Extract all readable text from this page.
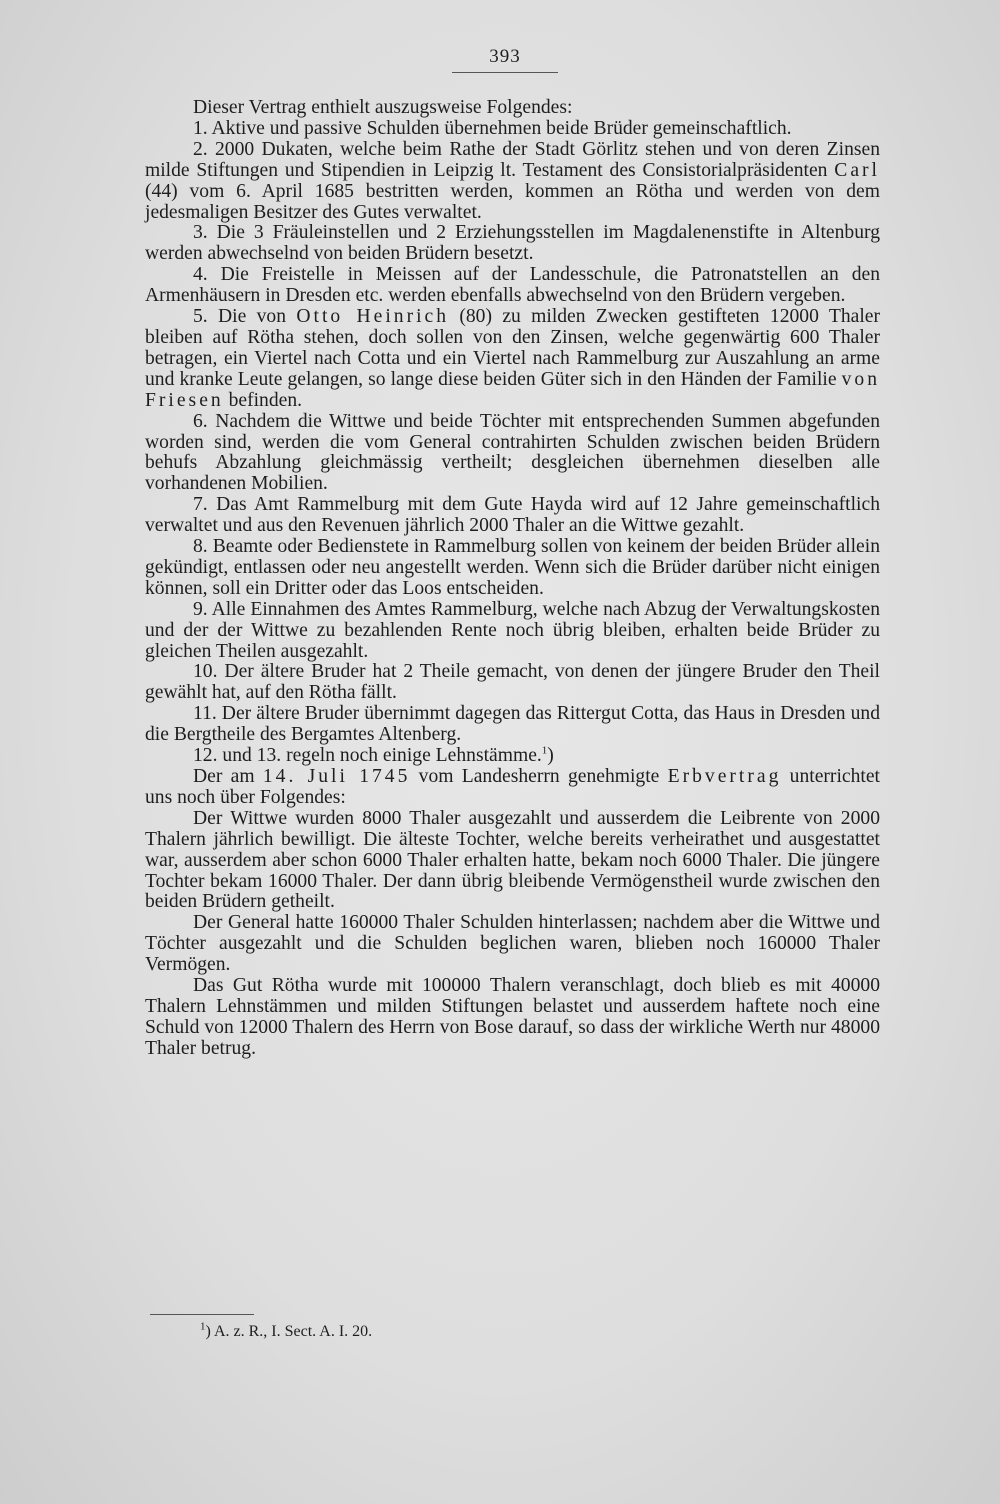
393

Dieser Vertrag enthielt auszugsweise Folgendes:

1. Aktive und passive Schulden übernehmen beide Brüder gemeinschaftlich.

2. 2000 Dukaten, welche beim Rathe der Stadt Görlitz stehen und von deren Zinsen milde Stiftungen und Stipendien in Leipzig lt. Testament des Consistorialpräsidenten Carl (44) vom 6. April 1685 bestritten werden, kommen an Rötha und werden von dem jedesmaligen Besitzer des Gutes verwaltet.

3. Die 3 Fräuleinstellen und 2 Erziehungsstellen im Magdalenenstifte in Altenburg werden abwechselnd von beiden Brüdern besetzt.

4. Die Freistelle in Meissen auf der Landesschule, die Patronatstellen an den Armenhäusern in Dresden etc. werden ebenfalls abwechselnd von den Brüdern vergeben.

5. Die von Otto Heinrich (80) zu milden Zwecken gestifteten 12000 Thaler bleiben auf Rötha stehen, doch sollen von den Zinsen, welche gegenwärtig 600 Thaler betragen, ein Viertel nach Cotta und ein Viertel nach Rammelburg zur Auszahlung an arme und kranke Leute gelangen, so lange diese beiden Güter sich in den Händen der Familie von Friesen befinden.

6. Nachdem die Wittwe und beide Töchter mit entsprechenden Summen abgefunden worden sind, werden die vom General contrahirten Schulden zwischen beiden Brüdern behufs Abzahlung gleichmässig vertheilt; desgleichen übernehmen dieselben alle vorhandenen Mobilien.

7. Das Amt Rammelburg mit dem Gute Hayda wird auf 12 Jahre gemeinschaftlich verwaltet und aus den Revenuen jährlich 2000 Thaler an die Wittwe gezahlt.

8. Beamte oder Bedienstete in Rammelburg sollen von keinem der beiden Brüder allein gekündigt, entlassen oder neu angestellt werden. Wenn sich die Brüder darüber nicht einigen können, soll ein Dritter oder das Loos entscheiden.

9. Alle Einnahmen des Amtes Rammelburg, welche nach Abzug der Verwaltungskosten und der der Wittwe zu bezahlenden Rente noch übrig bleiben, erhalten beide Brüder zu gleichen Theilen ausgezahlt.

10. Der ältere Bruder hat 2 Theile gemacht, von denen der jüngere Bruder den Theil gewählt hat, auf den Rötha fällt.

11. Der ältere Bruder übernimmt dagegen das Rittergut Cotta, das Haus in Dresden und die Bergtheile des Bergamtes Altenberg.

12. und 13. regeln noch einige Lehnstämme.$^1$)

Der am 14. Juli 1745 vom Landesherrn genehmigte Erbvertrag unterrichtet uns noch über Folgendes:

Der Wittwe wurden 8000 Thaler ausgezahlt und ausserdem die Leibrente von 2000 Thalern jährlich bewilligt. Die älteste Tochter, welche bereits verheirathet und ausgestattet war, ausserdem aber schon 6000 Thaler erhalten hatte, bekam noch 6000 Thaler. Die jüngere Tochter bekam 16000 Thaler. Der dann übrig bleibende Vermögenstheil wurde zwischen den beiden Brüdern getheilt.

Der General hatte 160000 Thaler Schulden hinterlassen; nachdem aber die Wittwe und Töchter ausgezahlt und die Schulden beglichen waren, blieben noch 160000 Thaler Vermögen.

Das Gut Rötha wurde mit 100000 Thalern veranschlagt, doch blieb es mit 40000 Thalern Lehnstämmen und milden Stiftungen belastet und ausserdem haftete noch eine Schuld von 12000 Thalern des Herrn von Bose darauf, so dass der wirkliche Werth nur 48000 Thaler betrug.

$^1$) A. z. R., I. Sect. A. I. 20.
